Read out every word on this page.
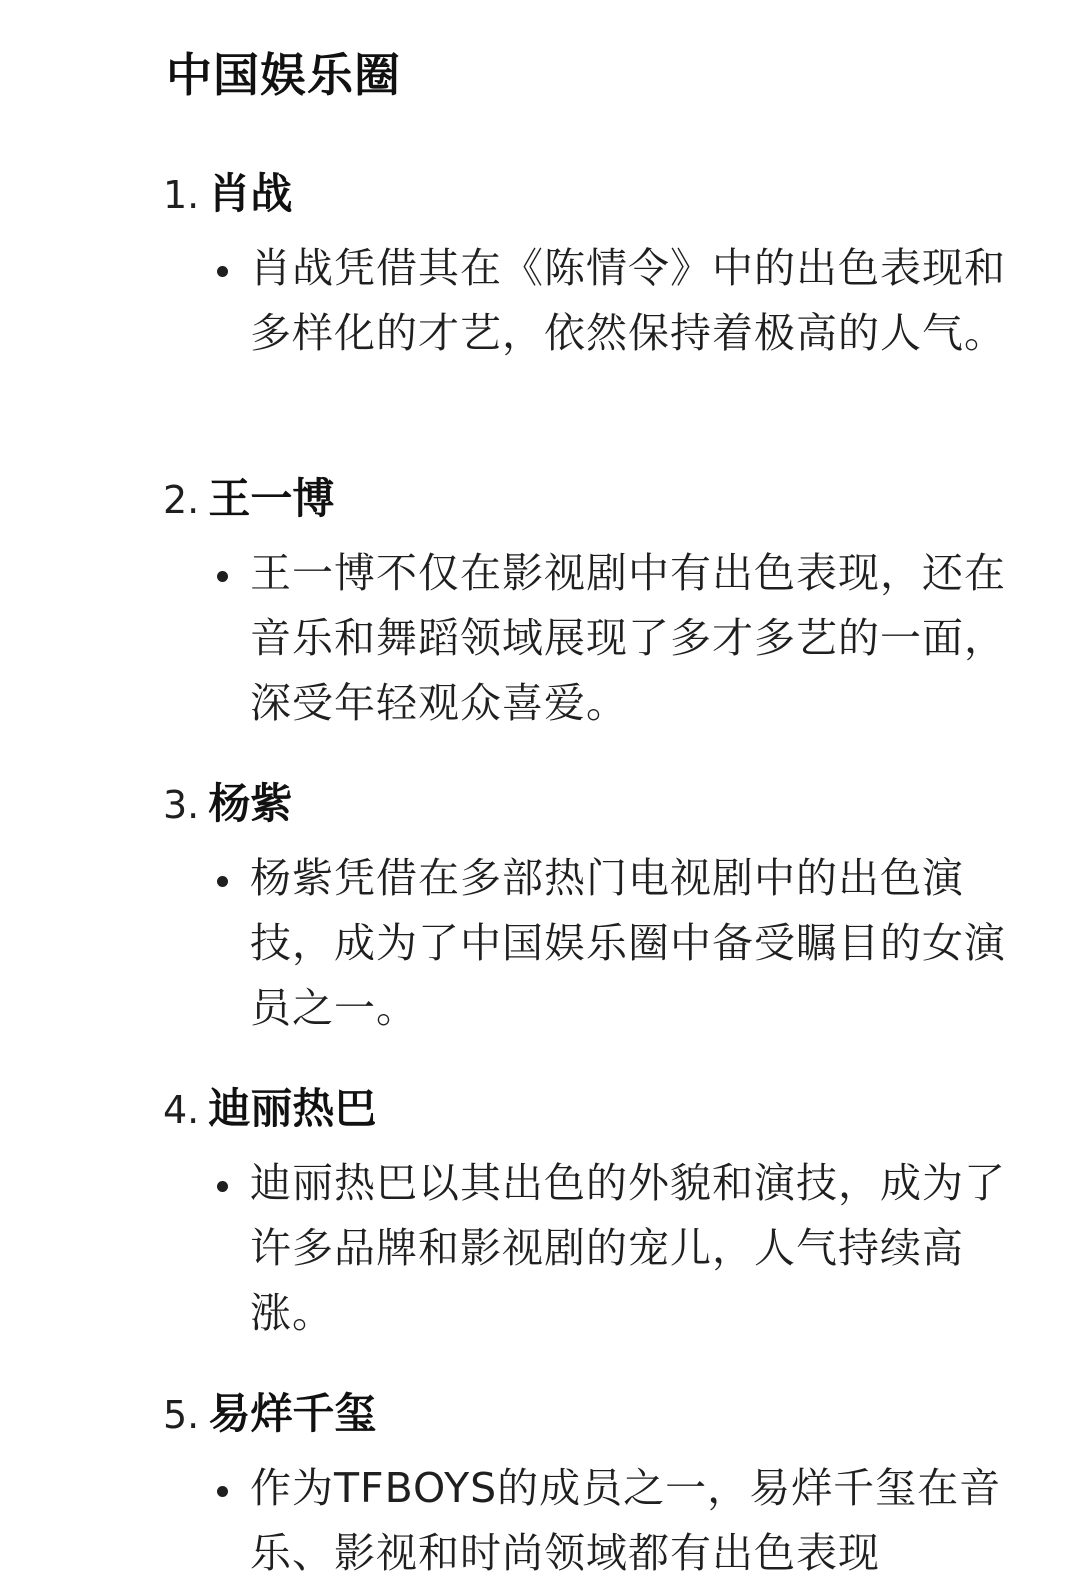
中国娱乐圈
1. 肖战

肖战凭借其在《陈情令》中的出色表现和多样化的才艺，依然保持着极高的人气。

2. 王一博

王一博不仅在影视剧中有出色表现，还在音乐和舞蹈领域展现了多才多艺的一面，深受年轻观众喜爱。

3. 杨紫

杨紫凭借在多部热门电视剧中的出色演技，成为了中国娱乐圈中备受瞩目的女演员之一。

4. 迪丽热巴

迪丽热巴以其出色的外貌和演技，成为了许多品牌和影视剧的宠儿，人气持续高涨。

5. 易烊千玺

作为TFBOYS的成员之一，易烊千玺在音乐、影视和时尚领域都有出色表现
